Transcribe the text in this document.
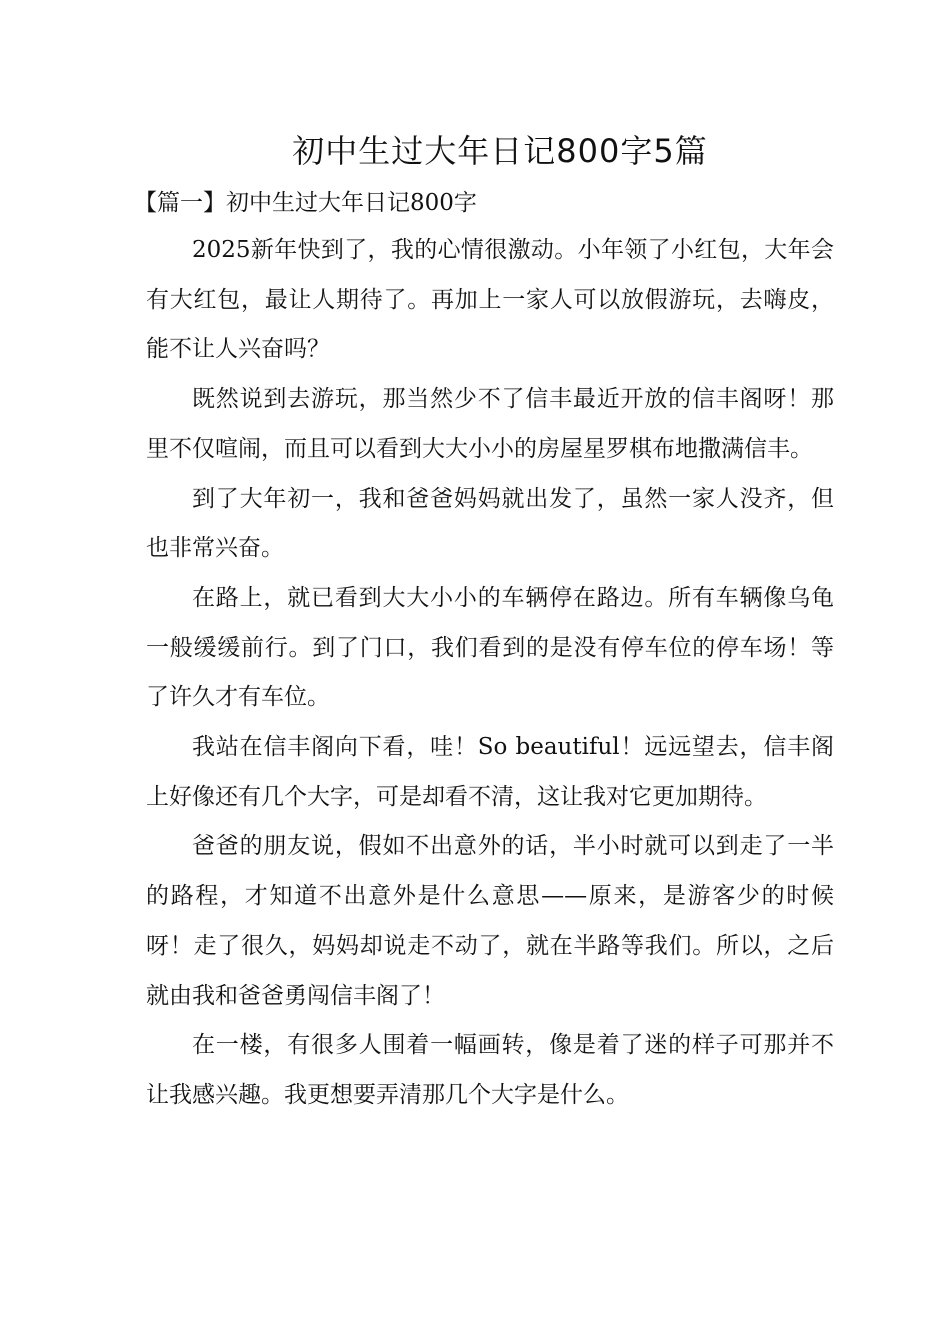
初中生过大年日记800字5篇
【篇一】初中生过大年日记800字

2025新年快到了，我的心情很激动。小年领了小红包，大年会有大红包，最让人期待了。再加上一家人可以放假游玩，去嗨皮，能不让人兴奋吗？

既然说到去游玩，那当然少不了信丰最近开放的信丰阁呀！那里不仅喧闹，而且可以看到大大小小的房屋星罗棋布地撒满信丰。

到了大年初一，我和爸爸妈妈就出发了，虽然一家人没齐，但也非常兴奋。

在路上，就已看到大大小小的车辆停在路边。所有车辆像乌龟一般缓缓前行。到了门口，我们看到的是没有停车位的停车场！等了许久才有车位。

我站在信丰阁向下看，哇！So beautiful！远远望去，信丰阁上好像还有几个大字，可是却看不清，这让我对它更加期待。

爸爸的朋友说，假如不出意外的话，半小时就可以到走了一半的路程，才知道不出意外是什么意思——原来，是游客少的时候呀！走了很久，妈妈却说走不动了，就在半路等我们。所以，之后就由我和爸爸勇闯信丰阁了！

在一楼，有很多人围着一幅画转，像是着了迷的样子可那并不让我感兴趣。我更想要弄清那几个大字是什么。
